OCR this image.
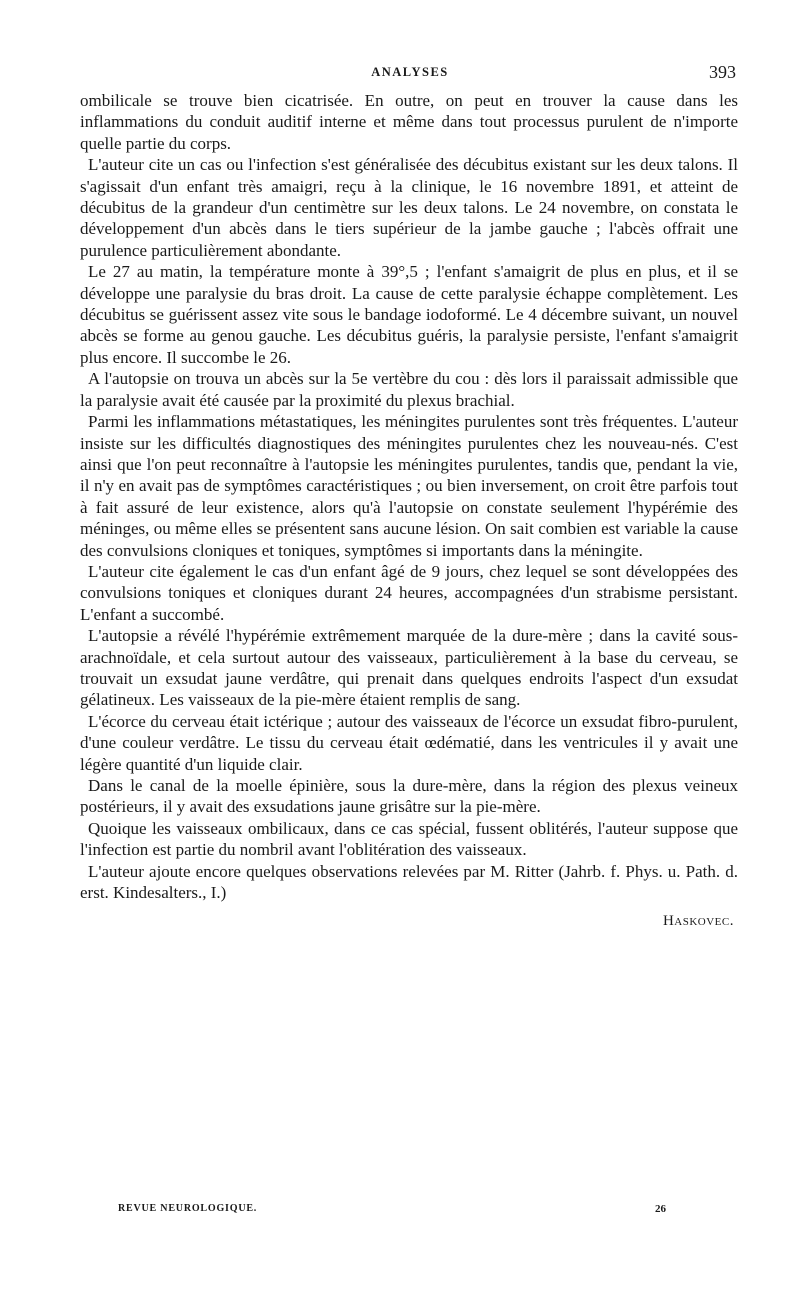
ANALYSES	393

ombilicale se trouve bien cicatrisée. En outre, on peut en trouver la cause dans les inflammations du conduit auditif interne et même dans tout processus purulent de n'importe quelle partie du corps.

L'auteur cite un cas ou l'infection s'est généralisée des décubitus existant sur les deux talons. Il s'agissait d'un enfant très amaigri, reçu à la clinique, le 16 novembre 1891, et atteint de décubitus de la grandeur d'un centimètre sur les deux talons. Le 24 novembre, on constata le développement d'un abcès dans le tiers supérieur de la jambe gauche ; l'abcès offrait une purulence particulièrement abondante.

Le 27 au matin, la température monte à 39°,5 ; l'enfant s'amaigrit de plus en plus, et il se développe une paralysie du bras droit. La cause de cette paralysie échappe complètement. Les décubitus se guérissent assez vite sous le bandage iodoformé. Le 4 décembre suivant, un nouvel abcès se forme au genou gauche. Les décubitus guéris, la paralysie persiste, l'enfant s'amaigrit plus encore. Il succombe le 26.

A l'autopsie on trouva un abcès sur la 5e vertèbre du cou : dès lors il paraissait admissible que la paralysie avait été causée par la proximité du plexus brachial.

Parmi les inflammations métastatiques, les méningites purulentes sont très fréquentes. L'auteur insiste sur les difficultés diagnostiques des méningites purulentes chez les nouveau-nés. C'est ainsi que l'on peut reconnaître à l'autopsie les méningites purulentes, tandis que, pendant la vie, il n'y en avait pas de symptômes caractéristiques ; ou bien inversement, on croit être parfois tout à fait assuré de leur existence, alors qu'à l'autopsie on constate seulement l'hypérémie des méninges, ou même elles se présentent sans aucune lésion. On sait combien est variable la cause des convulsions cloniques et toniques, symptômes si importants dans la méningite.

L'auteur cite également le cas d'un enfant âgé de 9 jours, chez lequel se sont développées des convulsions toniques et cloniques durant 24 heures, accompagnées d'un strabisme persistant. L'enfant a succombé.

L'autopsie a révélé l'hypérémie extrêmement marquée de la dure-mère ; dans la cavité sous-arachnoïdale, et cela surtout autour des vaisseaux, particulièrement à la base du cerveau, se trouvait un exsudat jaune verdâtre, qui prenait dans quelques endroits l'aspect d'un exsudat gélatineux. Les vaisseaux de la pie-mère étaient remplis de sang.

L'écorce du cerveau était ictérique ; autour des vaisseaux de l'écorce un exsudat fibro-purulent, d'une couleur verdâtre. Le tissu du cerveau était œdématié, dans les ventricules il y avait une légère quantité d'un liquide clair.

Dans le canal de la moelle épinière, sous la dure-mère, dans la région des plexus veineux postérieurs, il y avait des exsudations jaune grisâtre sur la pie-mère.

Quoique les vaisseaux ombilicaux, dans ce cas spécial, fussent oblitérés, l'auteur suppose que l'infection est partie du nombril avant l'oblitération des vaisseaux.

L'auteur ajoute encore quelques observations relevées par M. Ritter (Jahrb. f. Phys. u. Path. d. erst. Kindesalters., I.)

Haskovec.

REVUE NEUROLOGIQUE.	26
